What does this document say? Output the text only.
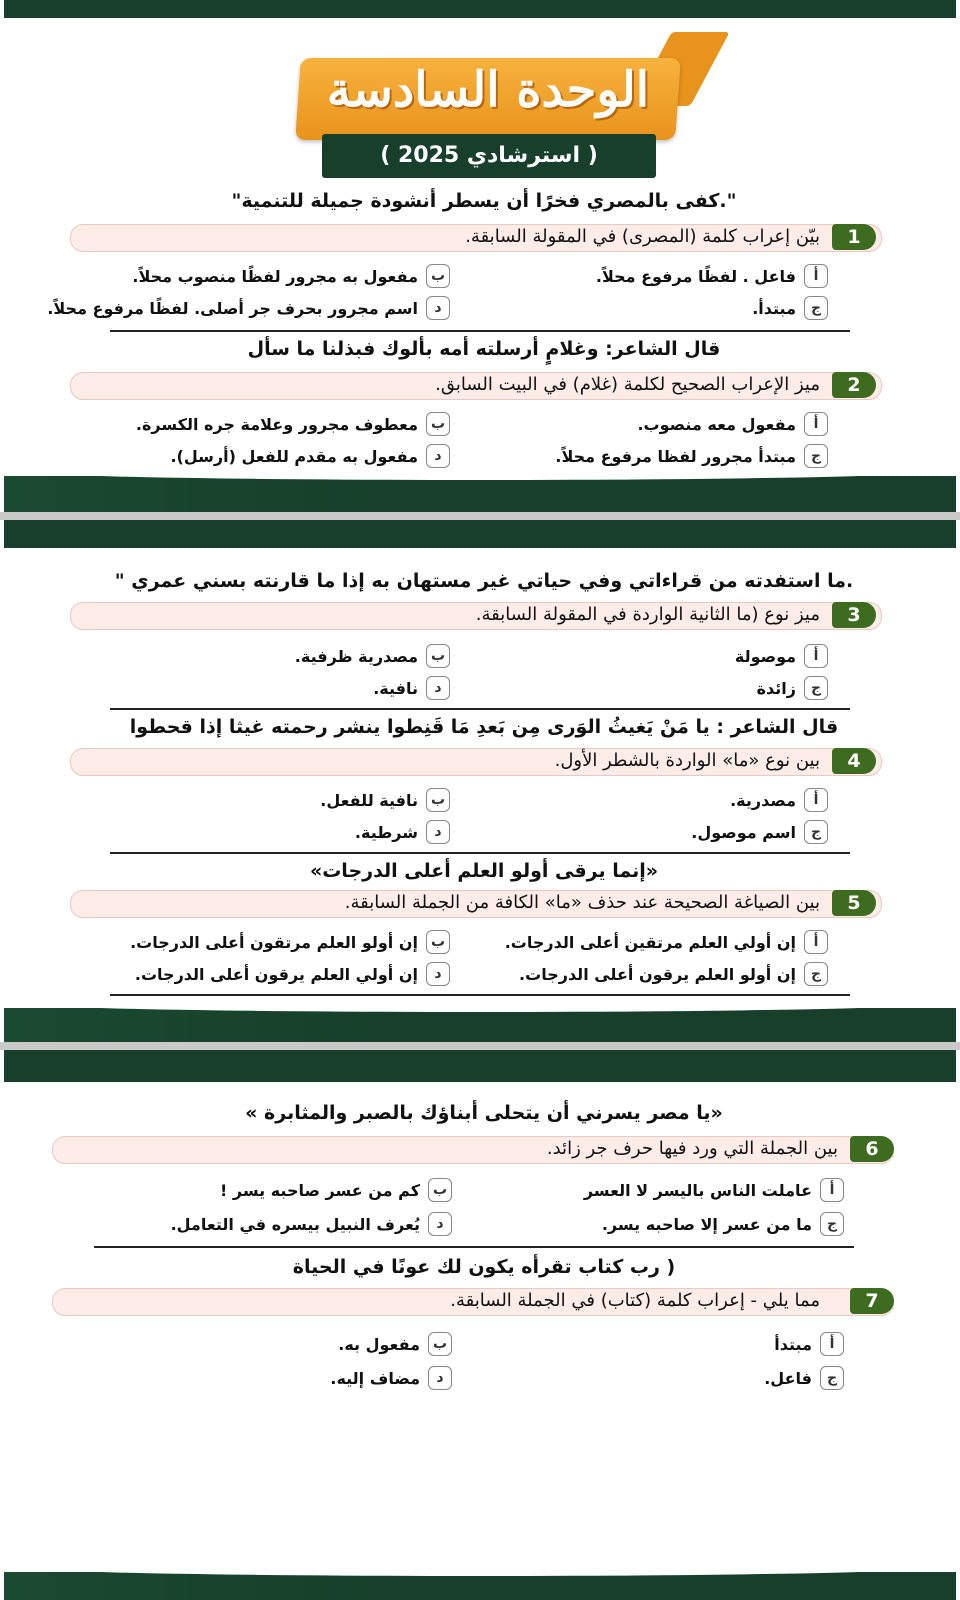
الوحدة السادسة
( استرشادي 2025 )
".كفى بالمصري فخرًا أن يسطر أنشودة جميلة للتنمية"
1
بيّن إعراب كلمة (المصرى) في المقولة السابقة.
أ
فاعل . لفظًا مرفوع محلاً.
ب
مفعول به مجرور لفظًا منصوب محلاً.
ج
مبتدأ.
د
اسم مجرور بحرف جر أصلى. لفظًا مرفوع محلاً.
قال الشاعر: وغلامٍ أرسلته أمه بألوك فبذلنا ما سأل
2
ميز الإعراب الصحيح لكلمة (غلام) في البيت السابق.
أ
مفعول معه منصوب.
ب
معطوف مجرور وعلامة جره الكسرة.
ج
مبتدأ مجرور لفظا مرفوع محلاً.
د
مفعول به مقدم للفعل (أرسل).
.ما استفدته من قراءاتي وفي حياتي غير مستهان به إذا ما قارنته بسني عمري "
3
ميز نوع (ما الثانية الواردة في المقولة السابقة.
أ
موصولة
ب
مصدرية ظرفية.
ج
زائدة
د
نافية.
قال الشاعر : يا مَنْ يَغيثُ الوَرى مِن بَعدِ مَا قَنِطوا ينشر رحمته غيثا إذا قحطوا
4
بين نوع «ما» الواردة بالشطر الأول.
أ
مصدرية.
ب
نافية للفعل.
ج
اسم موصول.
د
شرطية.
«إنما يرقى أولو العلم أعلى الدرجات»
5
بين الصياغة الصحيحة عند حذف «ما» الكافة من الجملة السابقة.
أ
إن أولي العلم مرتقين أعلى الدرجات.
ب
إن أولو العلم مرتقون أعلى الدرجات.
ج
إن أولو العلم يرقون أعلى الدرجات.
د
إن أولي العلم يرقون أعلى الدرجات.
«يا مصر يسرني أن يتحلى أبناؤك بالصبر والمثابرة »
6
بين الجملة التي ورد فيها حرف جر زائد.
أ
عاملت الناس باليسر لا العسر
ب
كم من عسر صاحبه يسر !
ج
ما من عسر إلا صاحبه يسر.
د
يُعرف النبيل بيسره في التعامل.
( رب كتاب تقرأه يكون لك عونًا في الحياة
7
مما يلي - إعراب كلمة (كتاب) في الجملة السابقة.
أ
مبتدأ
ب
مفعول به.
ج
فاعل.
د
مضاف إليه.
